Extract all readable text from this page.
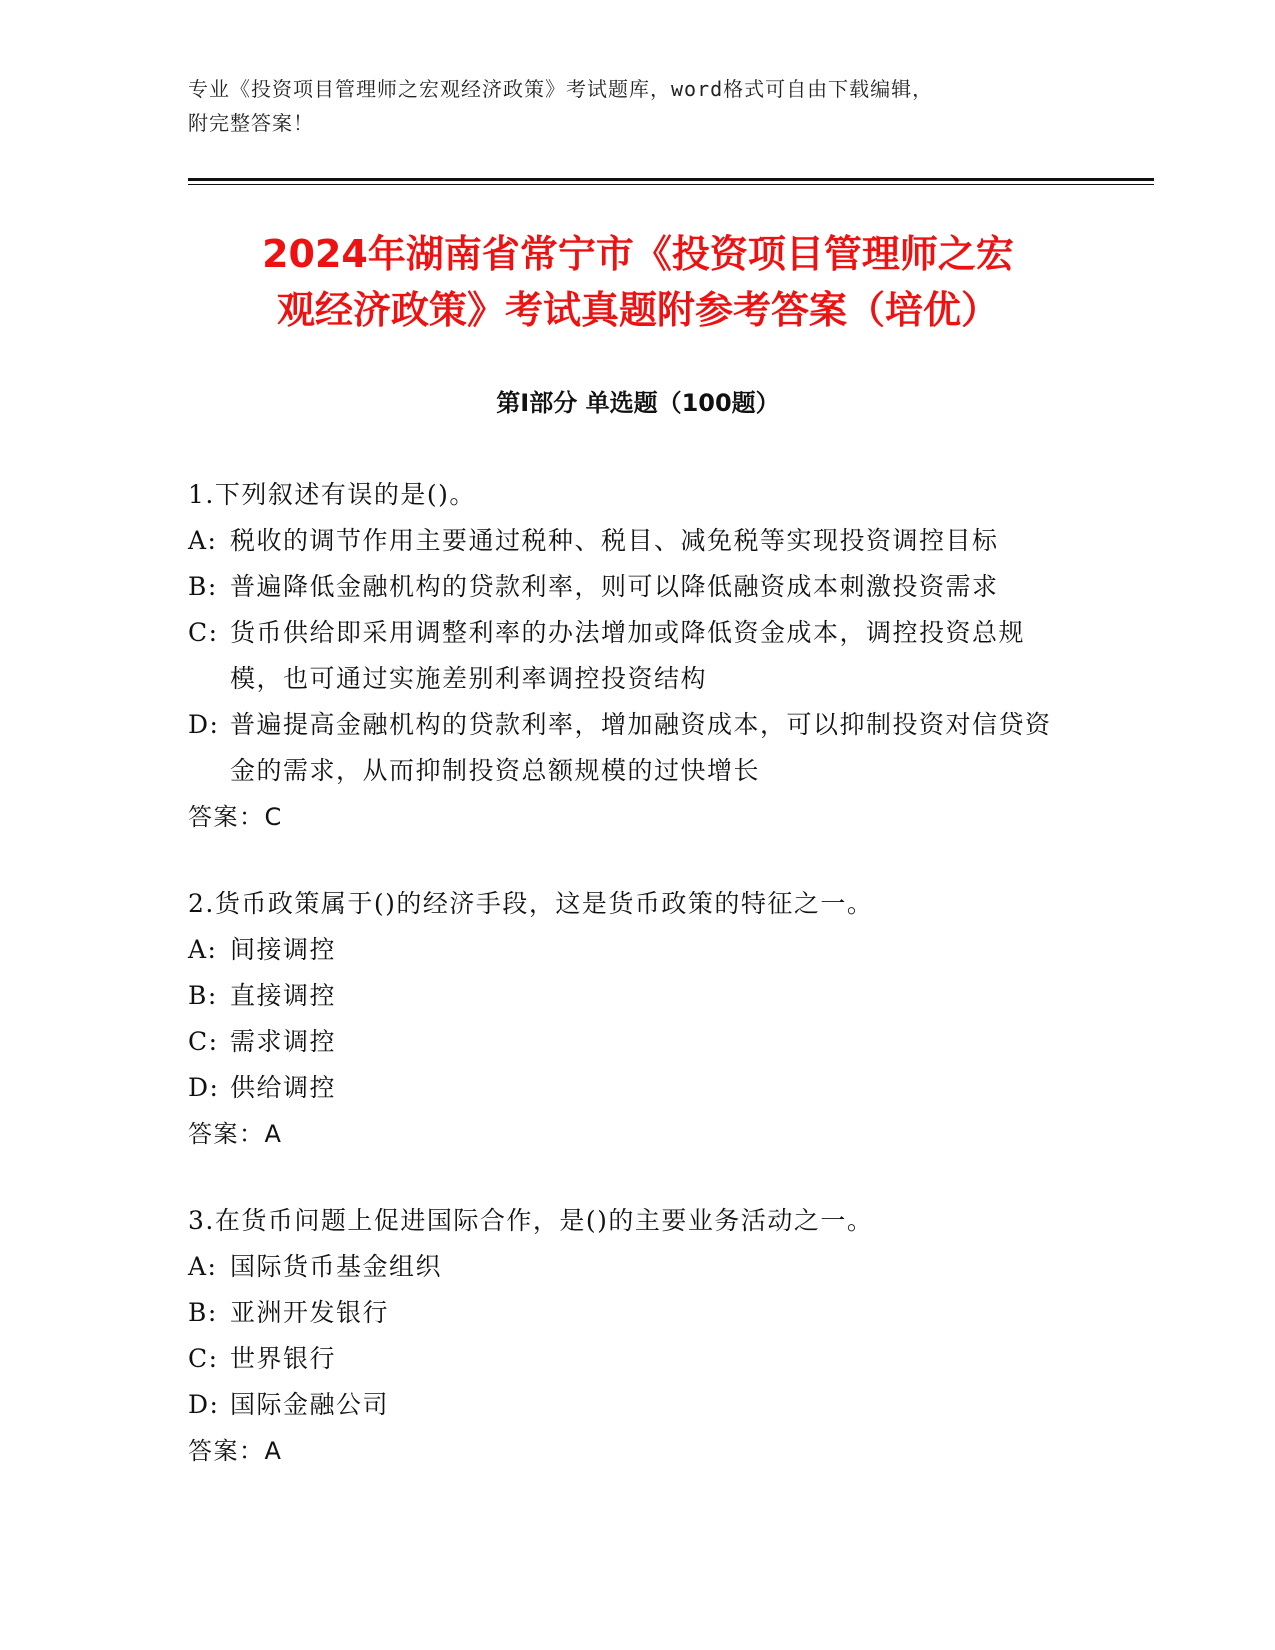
专业《投资项目管理师之宏观经济政策》考试题库，word格式可自由下载编辑，
附完整答案！
2024年湖南省常宁市《投资项目管理师之宏
观经济政策》考试真题附参考答案（培优）
第I部分 单选题（100题）
1.下列叙述有误的是()。
A: 税收的调节作用主要通过税种、税目、减免税等实现投资调控目标
B: 普遍降低金融机构的贷款利率，则可以降低融资成本刺激投资需求
C: 货币供给即采用调整利率的办法增加或降低资金成本，调控投资总规模，也可通过实施差别利率调控投资结构
D: 普遍提高金融机构的贷款利率，增加融资成本，可以抑制投资对信贷资金的需求，从而抑制投资总额规模的过快增长
答案：C
2.货币政策属于()的经济手段，这是货币政策的特征之一。
A: 间接调控
B: 直接调控
C: 需求调控
D: 供给调控
答案：A
3.在货币问题上促进国际合作，是()的主要业务活动之一。
A: 国际货币基金组织
B: 亚洲开发银行
C: 世界银行
D: 国际金融公司
答案：A
